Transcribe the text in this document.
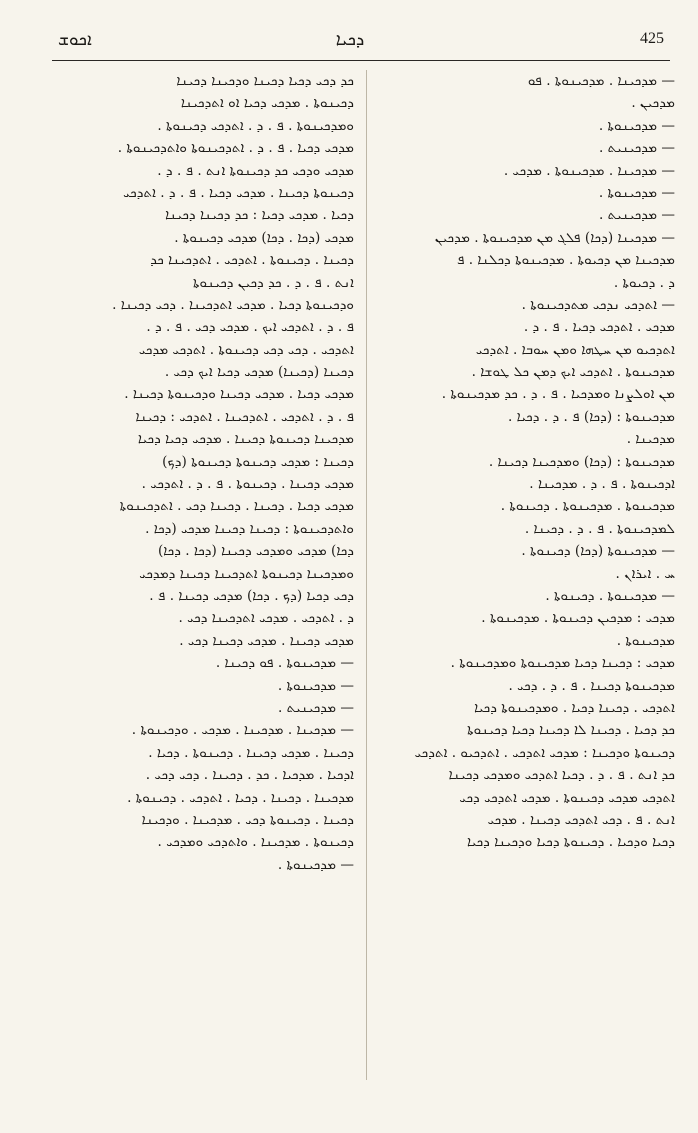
ܐܟܘܫ	ܕܟܝܐ	425
— ܡܕܟܝܢܐ . ܡܕܟܝܢܘܬܐ . ܦܘ
ܡܕܟܝܢ .
— ܡܕܟܝܢܘܬܐ .
— ܡܕܟܝܢܝܬ .
— ܡܕܟܝܢܐ . ܡܕܟܝܢܘܬܐ . ܡܕܟܝ .
— ܡܕܟܝܢܘܬܐ .
— ܡܕܟܝܢܝܬ .
— ܡܕܟܝܢܐ (ܕܟܐ) ܦܠܓ ܡܢ ܡܕܟܝܢܘܬܐ . ܡܕܟܝܢ
ܡܕܟܝܢܐ ܡܢ ܕܟܝܘܬܐ . ܡܕܟܝܢܘܬܐ ܕܟܠܢܐ . ܦ
ܕ . ܕܟܝܘܬܐ .
— ܐܬܕܟܝ ܢܕܟܝ ܡܬܕܟܝܢܘܬܐ .
ܡܕܟܝ . ܐܬܕܟܝ ܕܟܝܐ . ܦ . ܕ .
ܐܬܕܟܝܘ ܡܢ ܚܛܗܐ ܘܡܢ ܚܘܒܐ . ܐܬܕܟܝ
ܡܕܟܝܢܘܬܐ . ܐܬܕܟܝ ܐܝܟ ܕܡܢ ܟܠ ܛܘܫܐ .
ܡܢ ܐܘܠܨܢܐ ܘܡܕܟܝܐ . ܦ . ܕ . ܟܕ ܡܕܟܝܢܘܬܐ .
ܡܕܟܝܢܘܬܐ : (ܕܟܐ) ܦ . ܕ . ܕܟܝܐ .
ܡܕܟܝܢܐ .
ܡܕܟܝܢܘܬܐ : (ܕܟܐ) ܘܡܕܟܝܢܐ ܕܟܝܢܐ .
ܐܕܟܝܢܘܬܐ . ܦ . ܕ . ܡܕܟܝܢܐ .
ܡܕܟܝܢܘܬܐ . ܡܕܟܝܢܘܬܐ . ܕܟܝܢܘܬܐ .
ܠܡܕܟܝܢܘܬܐ . ܦ . ܕ . ܕܟܝܢܐ .
— ܡܕܟܝܢܘܬܐ (ܕܟܐ) ܕܟܝܢܘܬܐ .
ܚ . ܐܝܪܐܢ .
— ܡܕܟܝܢܘܬܐ . ܕܟܝܢܘܬܐ .
ܡܕܟܝ : ܡܕܟܝܢ ܕܟܝܢܘܬܐ . ܡܕܟܝܢܘܬܐ .
ܡܕܟܝܢܘܬܐ .
ܡܕܟܝ : ܕܟܝܢܐ ܕܟܝܐ ܡܕܟܝܢܘܬܐ ܘܡܕܟܝܢܘܬܐ .
ܡܕܟܝܢܘܬܐ ܕܟܝܢܐ . ܦ . ܕ . ܕܟܝ .
ܐܬܕܟܝ . ܕܟܝܢܐ ܕܟܝܐ . ܘܡܕܟܝܢܘܬܐ ܕܟܝܐ
ܟܕ ܕܟܝܐ . ܕܟܝܢܐ ܠܐ ܕܟܝܢܐ ܕܟܝܐ ܕܟܝܢܘܬܐ
ܕܟܝܢܘܬܐ ܘܕܟܝܢܐ : ܡܕܟܝ ܐܬܕܟܝ . ܐܬܕܟܝܘ . ܐܬܕܟܝ
ܟܕ ܐܢܬ . ܦ . ܕ . ܕܟܝܐ ܐܬܕܟܝ ܘܡܕܟܝ ܕܟܝܢܐ
ܐܬܕܟܝ ܡܕܟܝ ܕܟܝܢܘܬܐ . ܡܕܟܝ ܐܬܕܟܝ ܕܟܝ
ܐܢܬ . ܦ . ܕܟܝ ܐܬܕܟܝ ܕܟܝܢܐ . ܡܕܟܝ
ܕܟܝܐ ܘܕܟܝܐ . ܕܟܝܢܘܬܐ ܕܟܝܐ ܘܕܟܝܢܐ ܕܟܝܐ
ܟܕ ܕܟܝ ܕܟܝܐ ܕܟܝܢܐ ܘܕܟܝܢܐ ܕܟܝܢܐ
ܕܟܝܢܘܬܐ . ܡܕܟܝ ܕܟܝܐ ܐܘ ܐܬܕܟܝܢܐ
ܘܡܕܟܝܢܘܬܐ . ܦ . ܕ . ܐܬܕܟܝ ܕܟܝܢܘܬܐ .
ܡܕܟܝ ܕܟܝܐ . ܦ . ܕ . ܐܬܕܟܝܢܘܬܐ ܘܐܬܕܟܝܢܘܬܐ .
ܡܕܟܝ ܘܕܟܝ ܟܕ ܕܟܝܢܘܬܐ ܐܢܬ . ܦ . ܕ .
ܕܟܝܢܘܬܐ ܕܟܝܢܐ . ܡܕܟܝ ܕܟܝܐ . ܦ . ܕ . ܐܬܕܟܝ
ܕܟܝܐ . ܡܕܟܝ ܕܟܝܐ : ܟܕ ܕܟܝܢܐ ܕܟܝܢܐ
ܡܕܟܝ (ܕܟܐ . ܕܟܐ) ܡܕܟܝ ܕܟܝܢܘܬܐ .
ܕܟܝܢܐ . ܕܟܝܢܘܬܐ . ܐܬܕܟܝ . ܐܬܕܟܝܢܐ ܟܕ
ܐܢܬ . ܦ . ܕ . ܟܕ ܕܟܝܢ ܕܟܝܢܘܬܐ
ܘܕܟܝܢܘܬܐ ܕܟܝܐ . ܡܕܟܝ ܐܬܕܟܝܢܐ . ܕܟܝ ܕܟܝܢܐ .
ܦ . ܕ . ܐܬܕܟܝ ܐܝܟ . ܡܕܟܝ ܕܟܝ . ܦ . ܕ .
ܐܬܕܟܝ . ܕܟܝ ܕܟܝ ܕܟܝܢܘܬܐ . ܐܬܕܟܝ ܡܕܟܝ
ܕܟܝܢܐ (ܕܟܝܢܐ) ܡܕܟܝ ܕܟܝܐ ܐܝܟ ܕܟܝ .
ܡܕܟܝ ܕܟܝܐ . ܡܕܟܝ ܕܟܝܢܐ ܘܕܟܝܢܘܬܐ ܕܟܝܢܐ .
ܦ . ܕ . ܐܬܕܟܝ . ܐܬܕܟܝܢܐ . ܐܬܕܟܝ : ܕܟܝܢܐ
ܡܕܟܝܢܐ ܕܟܝܢܘܬܐ ܕܟܝܢܐ . ܡܕܟܝ ܕܟܝܐ ܕܟܝܐ
ܕܟܝܢܐ : ܡܕܟܝ ܕܟܝܢܘܬܐ ܕܟܝܢܘܬܐ (ܕܟ)
ܡܕܟܝ ܕܟܝܢܐ . ܕܟܝܢܘܬܐ . ܦ . ܕ . ܐܬܕܟܝ .
ܡܕܟܝ ܕܟܝܐ . ܕܟܝܢܐ . ܕܟܝܢܐ ܕܟܝ . ܐܬܕܟܝܢܘܬܐ
ܘܐܬܕܟܝܢܘܬܐ : ܕܟܝܢܐ ܕܟܝܢܐ ܡܕܟܝ (ܕܟܐ .
ܕܟܐ) ܡܕܟܝ ܘܡܕܟܝ ܕܟܝܢܐ (ܕܟܐ . ܕܟܐ)
ܘܡܕܟܝܢܐ ܕܟܝܢܘܬܐ ܐܬܕܟܝܢܐ ܕܟܝܢܐ ܕܡܕܟܝ
ܕܟܝ ܕܟܝܐ (ܕܟ . ܕܟܐ) ܡܕܟܝ ܕܟܝܢܐ . ܦ .
ܕ . ܐܬܕܟܝ . ܡܕܟܝ ܐܬܕܟܝܢܐ ܕܟܝ .
ܡܕܟܝ ܕܟܝܢܐ . ܡܕܟܝ ܕܟܝܢܐ ܕܟܝ .
— ܡܕܟܝܢܘܬܐ . ܦܘ ܕܟܝܢܐ .
— ܡܕܟܝܢܘܬܐ .
— ܡܕܟܝܢܝܬ .
— ܡܕܟܝܢܐ . ܡܕܟܝܢܐ . ܡܕܟܝ . ܘܕܟܝܢܘܬܐ .
ܕܟܝܢܐ . ܡܕܟܝ ܕܟܝܢܐ . ܕܟܝܢܘܬܐ . ܕܟܝܐ .
ܐܕܟܝܐ . ܡܕܟܝܐ . ܟܕ . ܕܟܝܢܐ . ܕܟܝ ܕܟܝ .
ܡܕܟܝܢܐ . ܕܟܝܢܐ . ܕܟܝܐ . ܐܬܕܟܝ . ܕܟܝܢܘܬܐ .
ܕܟܝܢܐ . ܕܟܝܢܘܬܐ ܕܟܝ . ܡܕܟܝܢܐ . ܘܕܟܝܢܐ
ܕܟܝܢܘܬܐ . ܡܕܟܝܢܐ . ܘܐܬܕܟܝ ܘܡܕܟܝ .
— ܡܕܟܝܢܘܬܐ .
